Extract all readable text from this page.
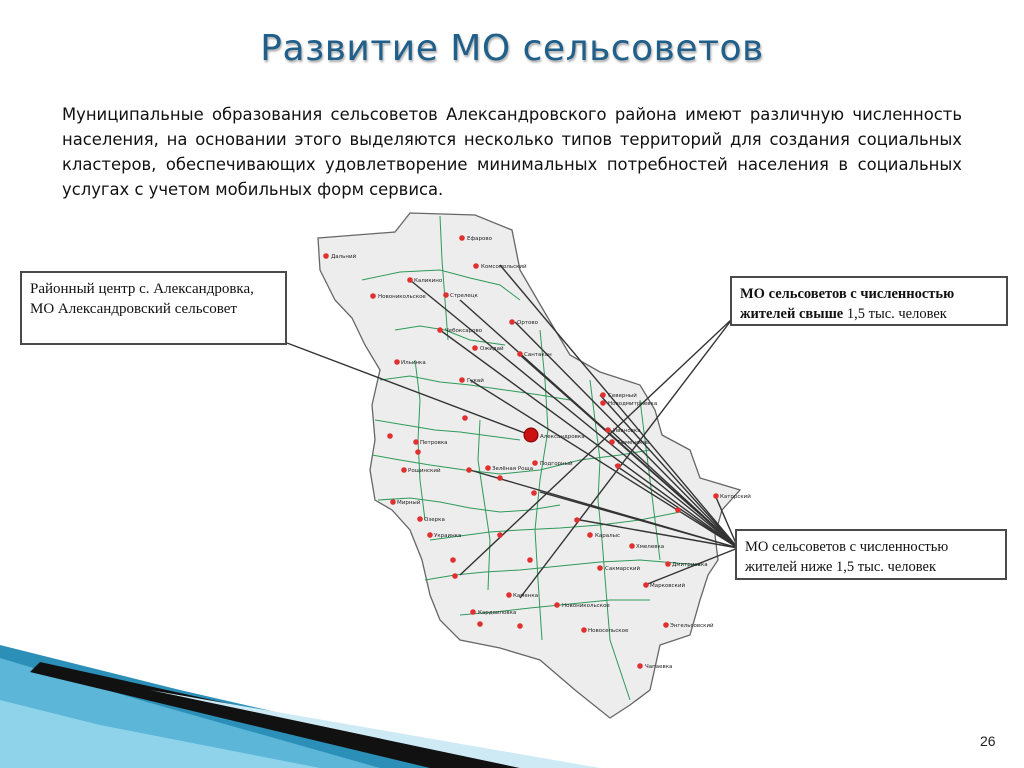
Развитие МО сельсоветов

Муниципальные образования сельсоветов Александровского района имеют различную численность населения, на основании этого выделяются несколько типов территорий для создания социальных кластеров, обеспечивающих удовлетворение минимальных потребностей населения в социальных услугах с учетом мобильных форм сервиса.

Дальний
Ефарово
Комсомольский
Каликино
Новоникольское	Стрелецк
Ортово
Чебоксарово
Ожидай
Сантакан
Ильинка
Гукай
Северный
Новодмитриевка
Александровка
Ивановка
Тюменский
Петровка
Подгорный
Рощинский	Зелёная Роща
Каторский
Мирный
Озерка
Украинка	Каралыс
Хмелевка
Дмитриевка
Сакмарский
Марковский
Каменка
Новоникольское
Кардаиловка
Новосельское
Энгельсовский
Чапаевка
Районный центр с. Александровка, МО Александровский сельсовет
МО сельсоветов с численностью жителей свыше 1,5 тыс. человек
МО сельсоветов с численностью жителей ниже 1,5 тыс. человек
26
